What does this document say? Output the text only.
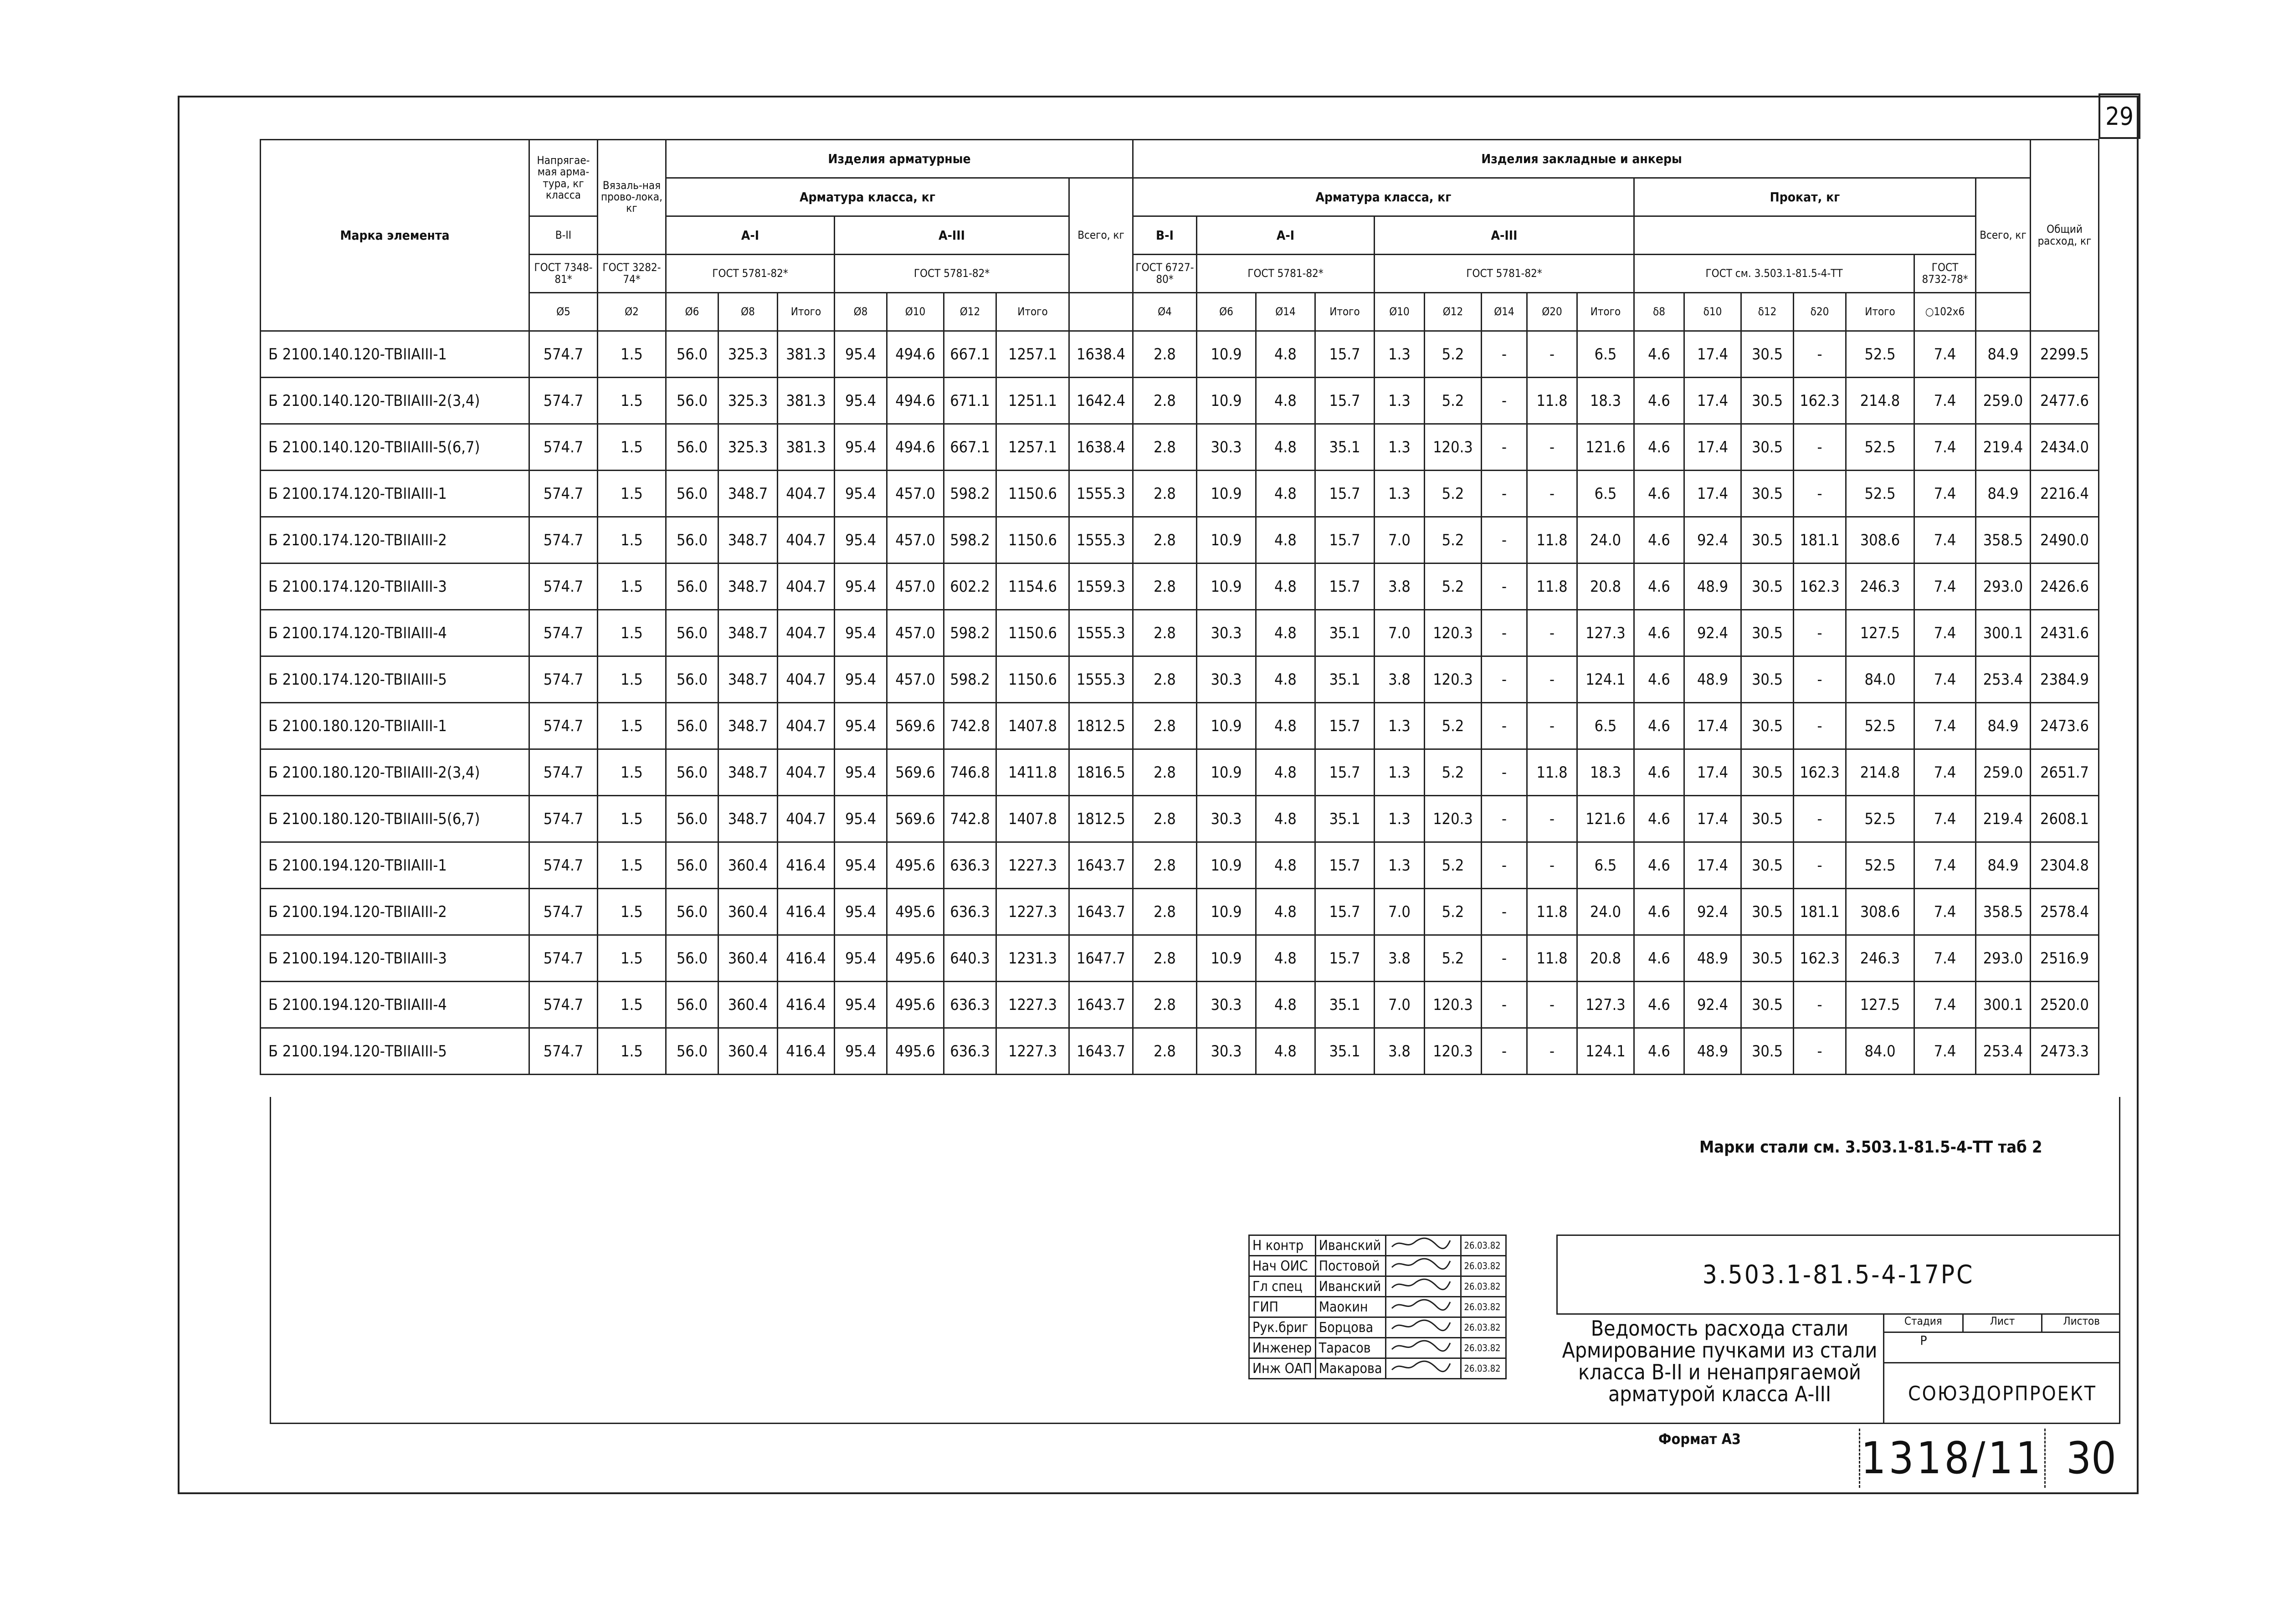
29
Марка элемента	Напрягае-мая арма-тура, кг класса	Вязаль-ная прово-лока, кг	Изделия арматурные								Изделия закладные и анкеры																Общий расход, кг
			Арматура класса, кг							Всего, кг	Арматура класса, кг									Прокат, кг						Всего, кг	
	В-II		А-I			А-III					В-I	А-I			А-III												
	ГОСТ 7348-81*	ГОСТ 3282-74*	ГОСТ 5781-82*			ГОСТ 5781-82*					ГОСТ 6727-80*	ГОСТ 5781-82*			ГОСТ 5781-82*					ГОСТ см. 3.503.1-81.5-4-ТТ					ГОСТ 8732-78*		
	Ø5	Ø2	Ø6	Ø8	Итого	Ø8	Ø10	Ø12	Итого		Ø4	Ø6	Ø14	Итого	Ø10	Ø12	Ø14	Ø20	Итого	δ8	δ10	δ12	δ20	Итого	○102x6		
Б 2100.140.120-ТВIIАIII-1	574.7	1.5	56.0	325.3	381.3	95.4	494.6	667.1	1257.1	1638.4	2.8	10.9	4.8	15.7	1.3	5.2	-	-	6.5	4.6	17.4	30.5	-	52.5	7.4	84.9	2299.5
Б 2100.140.120-ТВIIАIII-2(3,4)	574.7	1.5	56.0	325.3	381.3	95.4	494.6	671.1	1251.1	1642.4	2.8	10.9	4.8	15.7	1.3	5.2	-	11.8	18.3	4.6	17.4	30.5	162.3	214.8	7.4	259.0	2477.6
Б 2100.140.120-ТВIIАIII-5(6,7)	574.7	1.5	56.0	325.3	381.3	95.4	494.6	667.1	1257.1	1638.4	2.8	30.3	4.8	35.1	1.3	120.3	-	-	121.6	4.6	17.4	30.5	-	52.5	7.4	219.4	2434.0
Б 2100.174.120-ТВIIАIII-1	574.7	1.5	56.0	348.7	404.7	95.4	457.0	598.2	1150.6	1555.3	2.8	10.9	4.8	15.7	1.3	5.2	-	-	6.5	4.6	17.4	30.5	-	52.5	7.4	84.9	2216.4
Б 2100.174.120-ТВIIАIII-2	574.7	1.5	56.0	348.7	404.7	95.4	457.0	598.2	1150.6	1555.3	2.8	10.9	4.8	15.7	7.0	5.2	-	11.8	24.0	4.6	92.4	30.5	181.1	308.6	7.4	358.5	2490.0
Б 2100.174.120-ТВIIАIII-3	574.7	1.5	56.0	348.7	404.7	95.4	457.0	602.2	1154.6	1559.3	2.8	10.9	4.8	15.7	3.8	5.2	-	11.8	20.8	4.6	48.9	30.5	162.3	246.3	7.4	293.0	2426.6
Б 2100.174.120-ТВIIАIII-4	574.7	1.5	56.0	348.7	404.7	95.4	457.0	598.2	1150.6	1555.3	2.8	30.3	4.8	35.1	7.0	120.3	-	-	127.3	4.6	92.4	30.5	-	127.5	7.4	300.1	2431.6
Б 2100.174.120-ТВIIАIII-5	574.7	1.5	56.0	348.7	404.7	95.4	457.0	598.2	1150.6	1555.3	2.8	30.3	4.8	35.1	3.8	120.3	-	-	124.1	4.6	48.9	30.5	-	84.0	7.4	253.4	2384.9
Б 2100.180.120-ТВIIАIII-1	574.7	1.5	56.0	348.7	404.7	95.4	569.6	742.8	1407.8	1812.5	2.8	10.9	4.8	15.7	1.3	5.2	-	-	6.5	4.6	17.4	30.5	-	52.5	7.4	84.9	2473.6
Б 2100.180.120-ТВIIАIII-2(3,4)	574.7	1.5	56.0	348.7	404.7	95.4	569.6	746.8	1411.8	1816.5	2.8	10.9	4.8	15.7	1.3	5.2	-	11.8	18.3	4.6	17.4	30.5	162.3	214.8	7.4	259.0	2651.7
Б 2100.180.120-ТВIIАIII-5(6,7)	574.7	1.5	56.0	348.7	404.7	95.4	569.6	742.8	1407.8	1812.5	2.8	30.3	4.8	35.1	1.3	120.3	-	-	121.6	4.6	17.4	30.5	-	52.5	7.4	219.4	2608.1
Б 2100.194.120-ТВIIАIII-1	574.7	1.5	56.0	360.4	416.4	95.4	495.6	636.3	1227.3	1643.7	2.8	10.9	4.8	15.7	1.3	5.2	-	-	6.5	4.6	17.4	30.5	-	52.5	7.4	84.9	2304.8
Б 2100.194.120-ТВIIАIII-2	574.7	1.5	56.0	360.4	416.4	95.4	495.6	636.3	1227.3	1643.7	2.8	10.9	4.8	15.7	7.0	5.2	-	11.8	24.0	4.6	92.4	30.5	181.1	308.6	7.4	358.5	2578.4
Б 2100.194.120-ТВIIАIII-3	574.7	1.5	56.0	360.4	416.4	95.4	495.6	640.3	1231.3	1647.7	2.8	10.9	4.8	15.7	3.8	5.2	-	11.8	20.8	4.6	48.9	30.5	162.3	246.3	7.4	293.0	2516.9
Б 2100.194.120-ТВIIАIII-4	574.7	1.5	56.0	360.4	416.4	95.4	495.6	636.3	1227.3	1643.7	2.8	30.3	4.8	35.1	7.0	120.3	-	-	127.3	4.6	92.4	30.5	-	127.5	7.4	300.1	2520.0
Б 2100.194.120-ТВIIАIII-5	574.7	1.5	56.0	360.4	416.4	95.4	495.6	636.3	1227.3	1643.7	2.8	30.3	4.8	35.1	3.8	120.3	-	-	124.1	4.6	48.9	30.5	-	84.0	7.4	253.4	2473.3
Марки стали см. 3.503.1-81.5-4-ТТ таб 2
Н контр	Иванский		26.03.82
Нач ОИС	Постовой		26.03.82
Гл спец	Иванский		26.03.82
ГИП	Маокин		26.03.82
Рук.бриг	Борцова		26.03.82
Инженер	Тарасов		26.03.82
Инж ОАП	Макарова		26.03.82
3.503.1-81.5-4-17РС
Ведомость расхода стали Армирование пучками из стали класса В-II и ненапрягаемой арматурой класса А-III
Стадия	Лист	Листов
Р
СОЮЗДОРПРОЕКТ
Формат А3	1318/11 30
